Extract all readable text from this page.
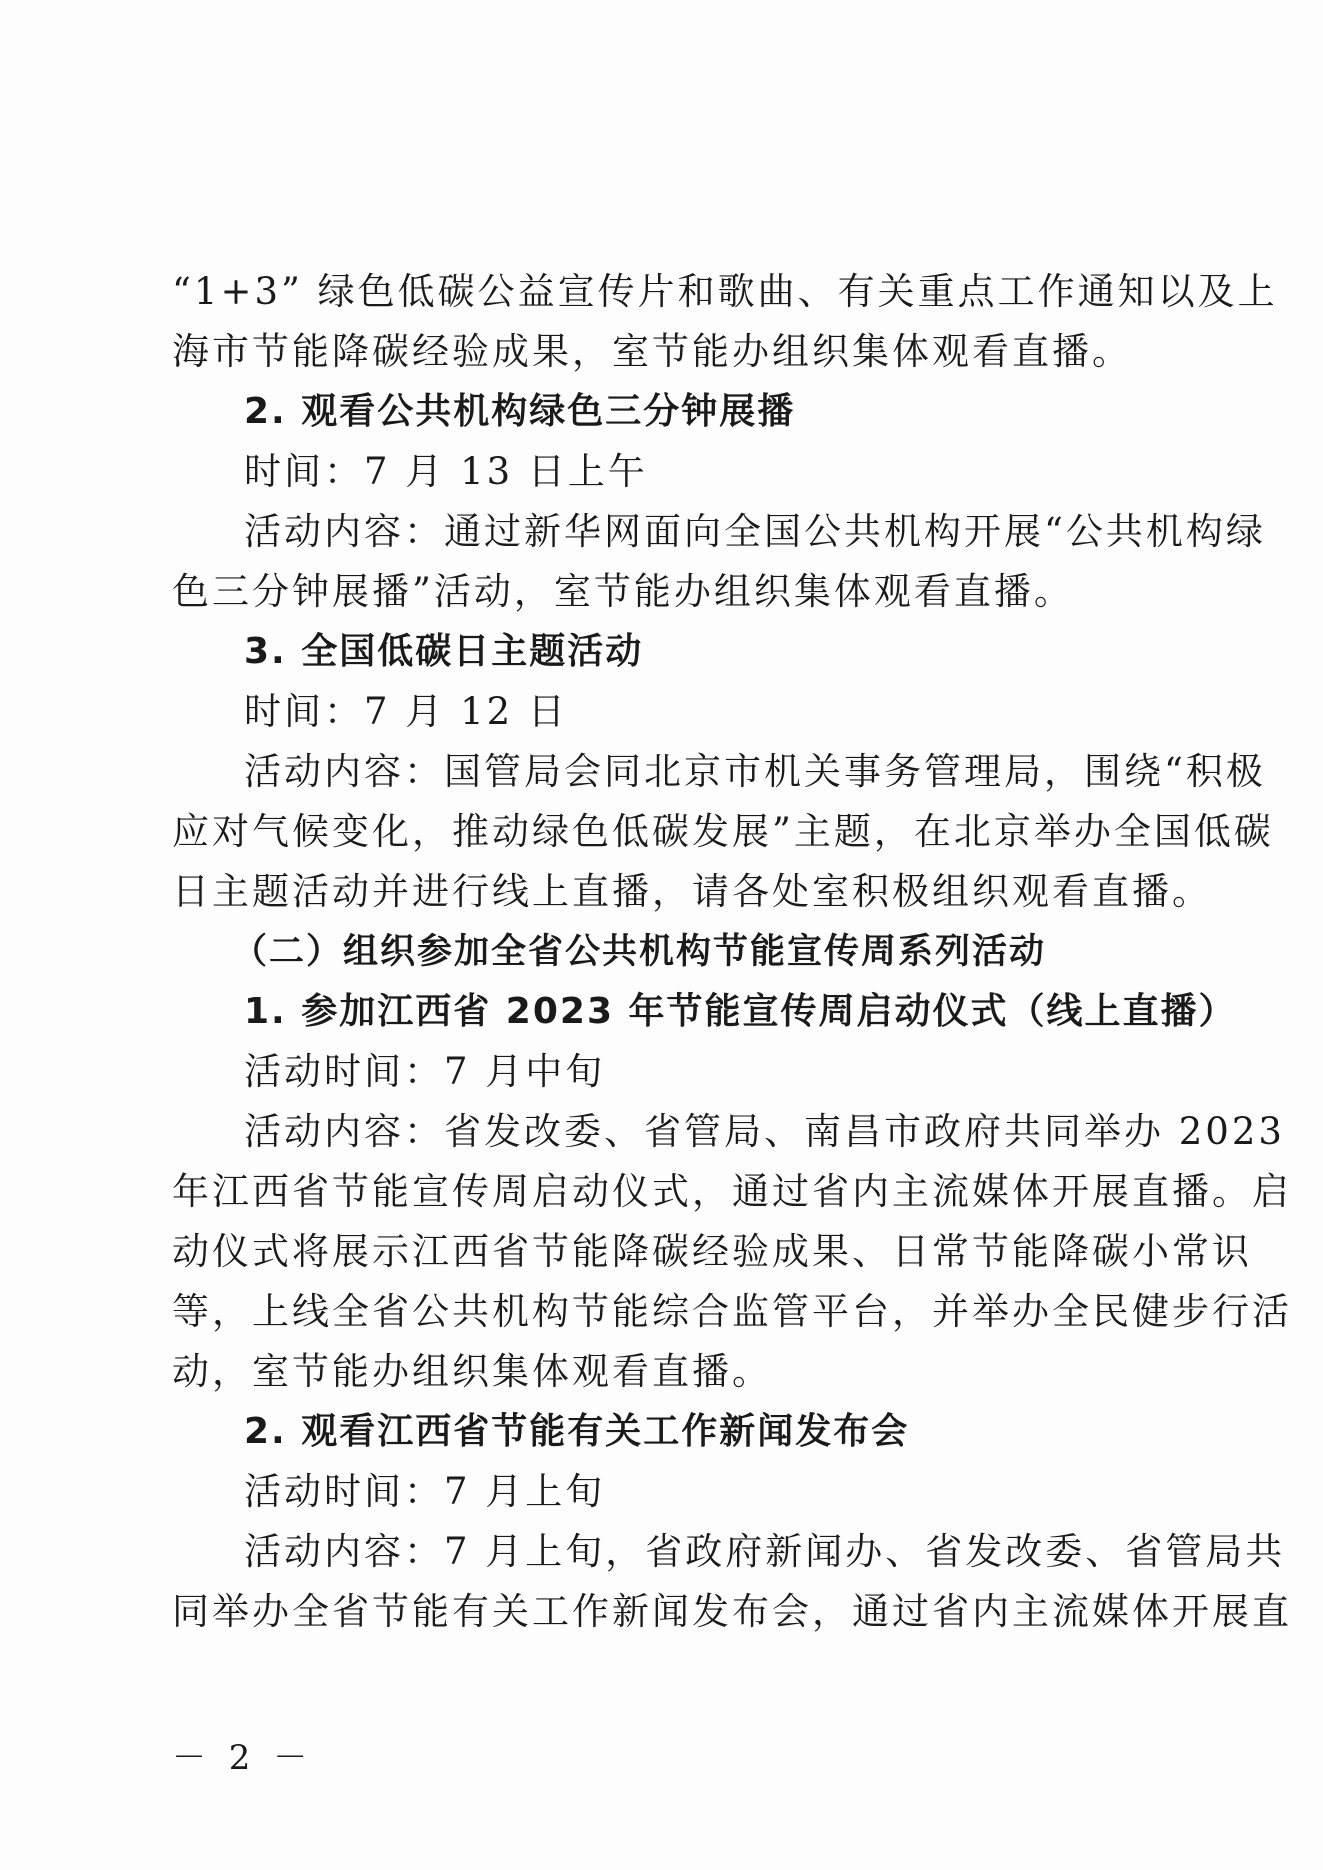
“1+3” 绿色低碳公益宣传片和歌曲、有关重点工作通知以及上
海市节能降碳经验成果，室节能办组织集体观看直播。
2. 观看公共机构绿色三分钟展播
时间：7 月 13 日上午
活动内容：通过新华网面向全国公共机构开展“公共机构绿
色三分钟展播”活动，室节能办组织集体观看直播。
3. 全国低碳日主题活动
时间：7 月 12 日
活动内容：国管局会同北京市机关事务管理局，围绕“积极
应对气候变化，推动绿色低碳发展”主题，在北京举办全国低碳
日主题活动并进行线上直播，请各处室积极组织观看直播。
（二）组织参加全省公共机构节能宣传周系列活动
1. 参加江西省 2023 年节能宣传周启动仪式（线上直播）
活动时间：7 月中旬
活动内容：省发改委、省管局、南昌市政府共同举办 2023
年江西省节能宣传周启动仪式，通过省内主流媒体开展直播。启
动仪式将展示江西省节能降碳经验成果、日常节能降碳小常识
等，上线全省公共机构节能综合监管平台，并举办全民健步行活
动，室节能办组织集体观看直播。
2. 观看江西省节能有关工作新闻发布会
活动时间：7 月上旬
活动内容：7 月上旬，省政府新闻办、省发改委、省管局共
同举办全省节能有关工作新闻发布会，通过省内主流媒体开展直
－ 2 －
